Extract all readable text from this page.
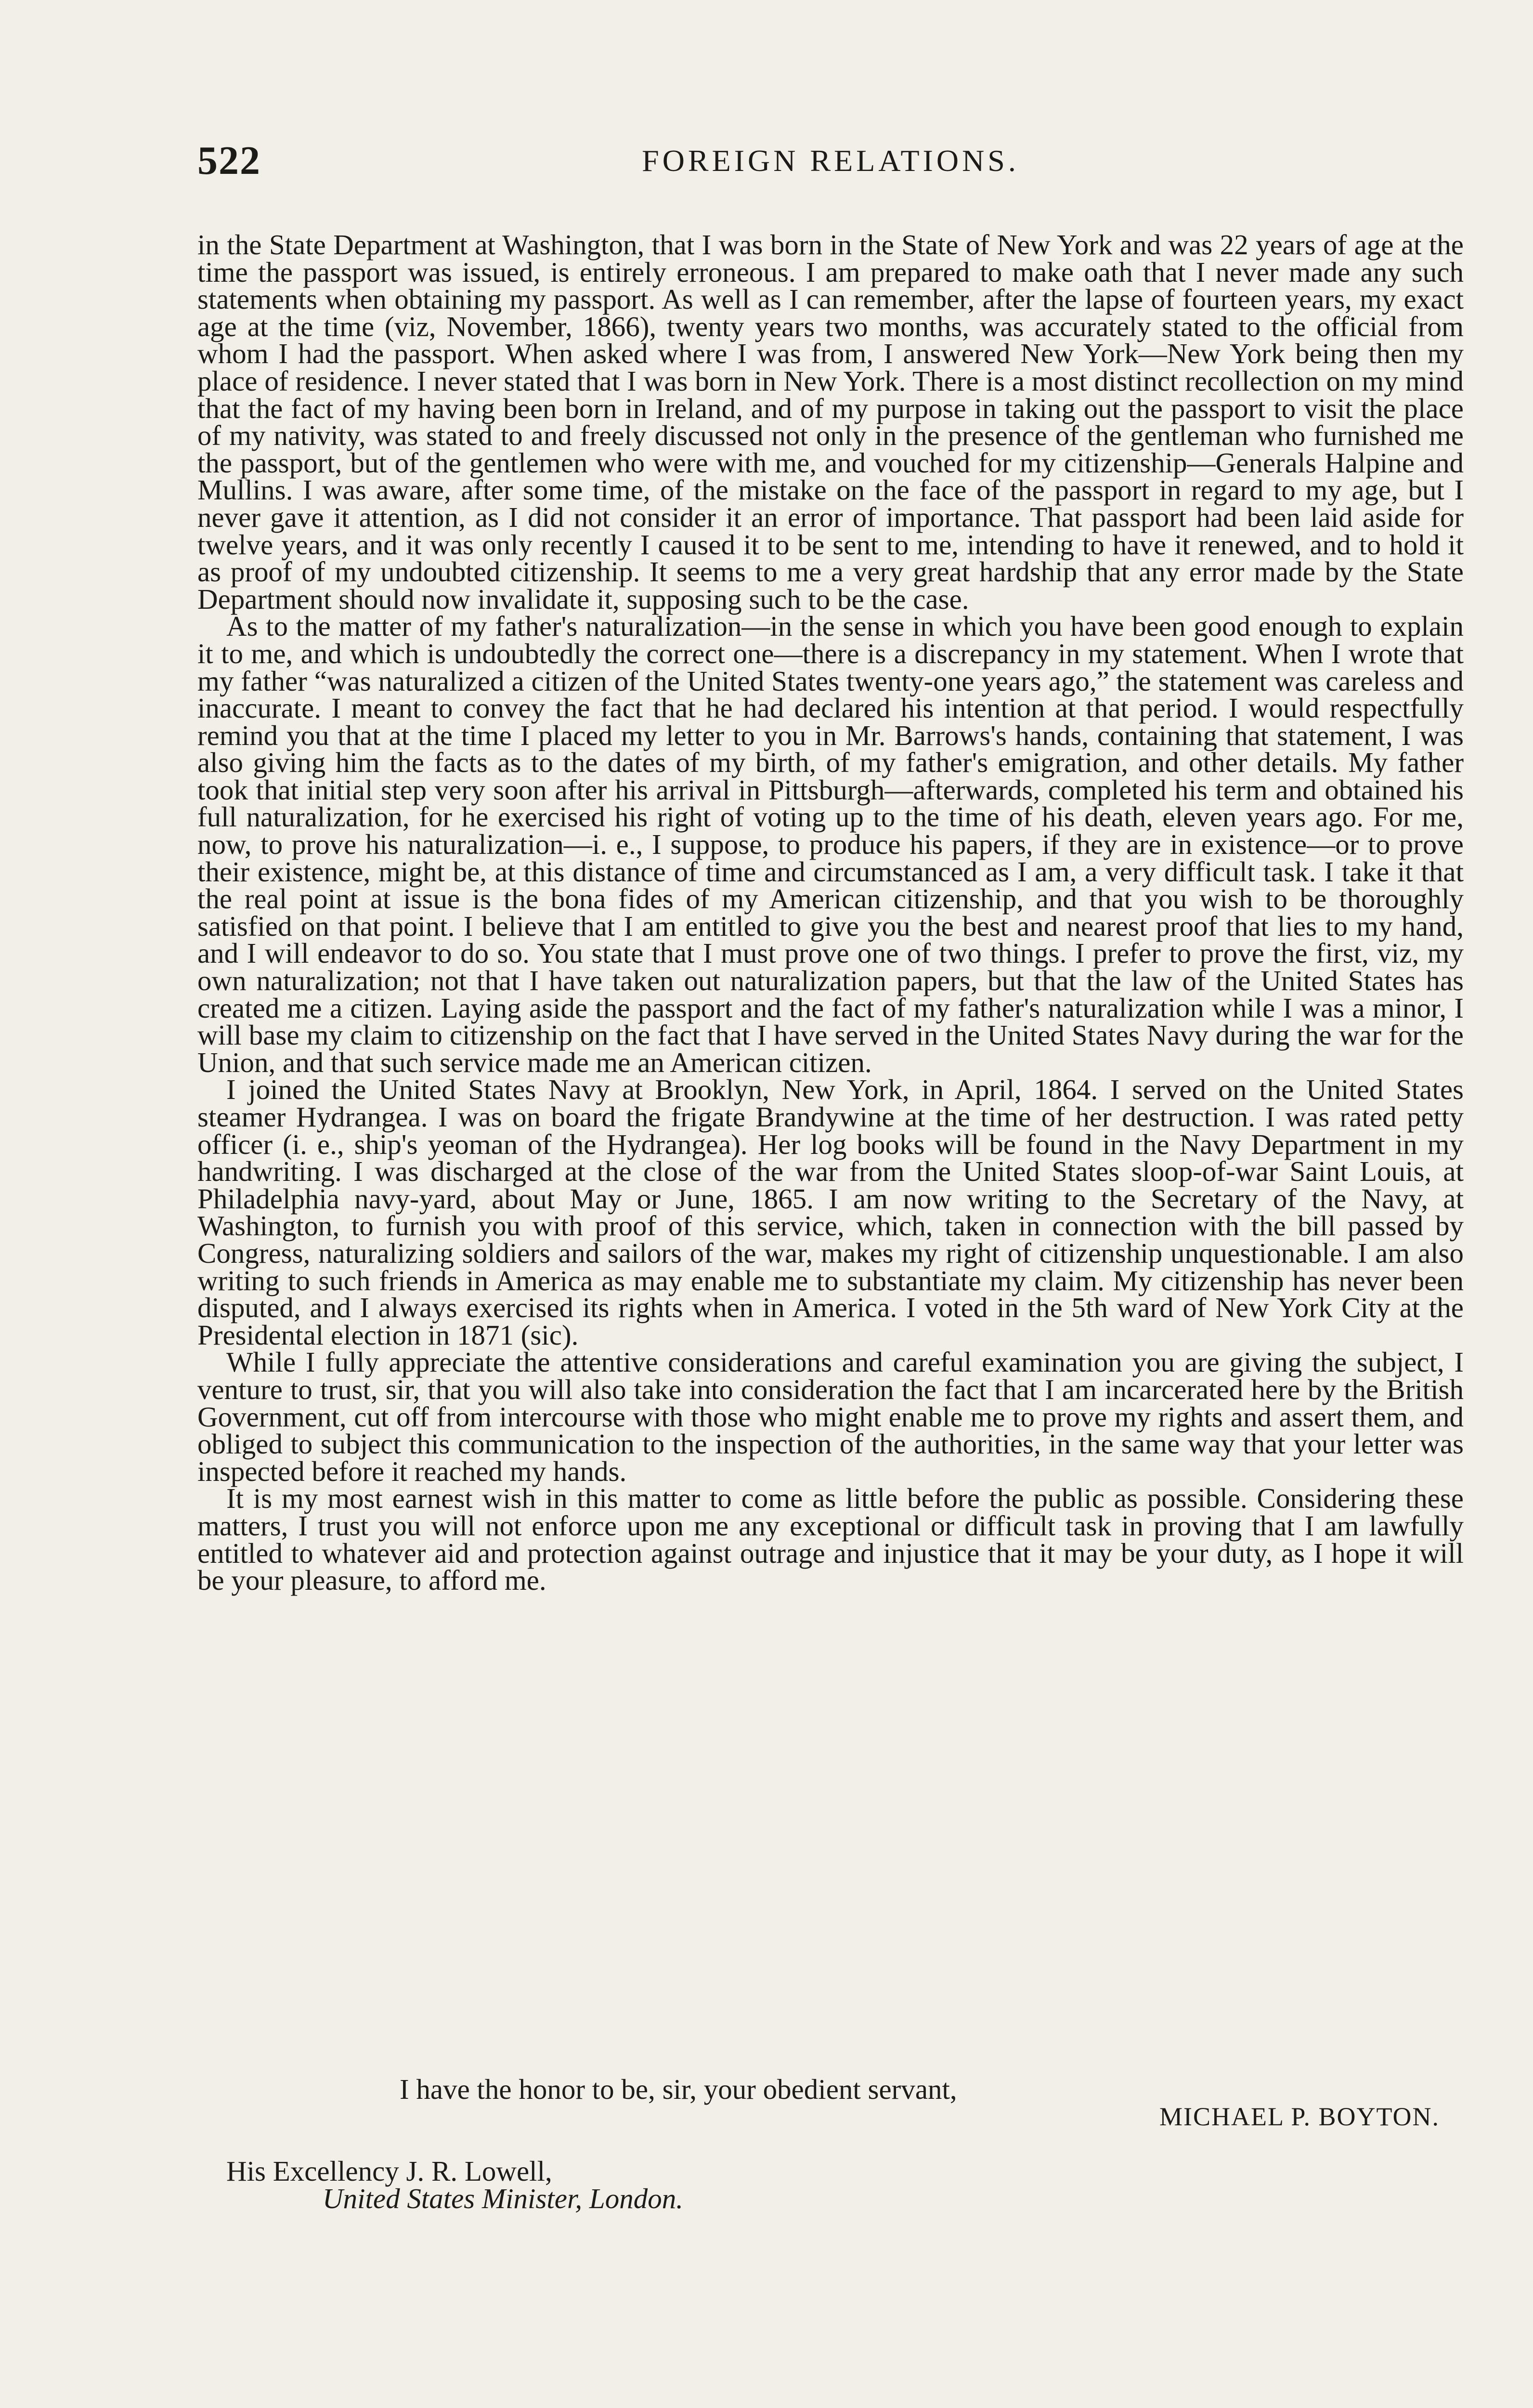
522	FOREIGN RELATIONS.

in the State Department at Washington, that I was born in the State of New York and was 22 years of age at the time the passport was issued, is entirely erroneous. I am prepared to make oath that I never made any such statements when obtaining my passport. As well as I can remember, after the lapse of fourteen years, my exact age at the time (viz, November, 1866), twenty years two months, was accurately stated to the official from whom I had the passport. When asked where I was from, I answered New York—New York being then my place of residence. I never stated that I was born in New York. There is a most distinct recollection on my mind that the fact of my having been born in Ireland, and of my purpose in taking out the passport to visit the place of my nativity, was stated to and freely discussed not only in the presence of the gentleman who furnished me the passport, but of the gentlemen who were with me, and vouched for my citizenship—Generals Halpine and Mullins. I was aware, after some time, of the mistake on the face of the passport in regard to my age, but I never gave it attention, as I did not consider it an error of importance. That passport had been laid aside for twelve years, and it was only recently I caused it to be sent to me, intending to have it renewed, and to hold it as proof of my undoubted citizenship. It seems to me a very great hardship that any error made by the State Department should now invalidate it, supposing such to be the case.

As to the matter of my father's naturalization—in the sense in which you have been good enough to explain it to me, and which is undoubtedly the correct one—there is a discrepancy in my statement. When I wrote that my father “was naturalized a citizen of the United States twenty-one years ago,” the statement was careless and inaccurate. I meant to convey the fact that he had declared his intention at that period. I would respectfully remind you that at the time I placed my letter to you in Mr. Barrows's hands, containing that statement, I was also giving him the facts as to the dates of my birth, of my father's emigration, and other details. My father took that initial step very soon after his arrival in Pittsburgh—afterwards, completed his term and obtained his full naturalization, for he exercised his right of voting up to the time of his death, eleven years ago. For me, now, to prove his naturalization—i. e., I suppose, to produce his papers, if they are in existence—or to prove their existence, might be, at this distance of time and circumstanced as I am, a very difficult task. I take it that the real point at issue is the bona fides of my American citizenship, and that you wish to be thoroughly satisfied on that point. I believe that I am entitled to give you the best and nearest proof that lies to my hand, and I will endeavor to do so. You state that I must prove one of two things. I prefer to prove the first, viz, my own naturalization; not that I have taken out naturalization papers, but that the law of the United States has created me a citizen. Laying aside the passport and the fact of my father's naturalization while I was a minor, I will base my claim to citizenship on the fact that I have served in the United States Navy during the war for the Union, and that such service made me an American citizen.

I joined the United States Navy at Brooklyn, New York, in April, 1864. I served on the United States steamer Hydrangea. I was on board the frigate Brandywine at the time of her destruction. I was rated petty officer (i. e., ship's yeoman of the Hydrangea). Her log books will be found in the Navy Department in my handwriting. I was discharged at the close of the war from the United States sloop-of-war Saint Louis, at Philadelphia navy-yard, about May or June, 1865. I am now writing to the Secretary of the Navy, at Washington, to furnish you with proof of this service, which, taken in connection with the bill passed by Congress, naturalizing soldiers and sailors of the war, makes my right of citizenship unquestionable. I am also writing to such friends in America as may enable me to substantiate my claim. My citizenship has never been disputed, and I always exercised its rights when in America. I voted in the 5th ward of New York City at the Presidental election in 1871 (sic).

While I fully appreciate the attentive considerations and careful examination you are giving the subject, I venture to trust, sir, that you will also take into consideration the fact that I am incarcerated here by the British Government, cut off from intercourse with those who might enable me to prove my rights and assert them, and obliged to subject this communication to the inspection of the authorities, in the same way that your letter was inspected before it reached my hands.

It is my most earnest wish in this matter to come as little before the public as possible. Considering these matters, I trust you will not enforce upon me any exceptional or difficult task in proving that I am lawfully entitled to whatever aid and protection against outrage and injustice that it may be your duty, as I hope it will be your pleasure, to afford me.

I have the honor to be, sir, your obedient servant,
MICHAEL P. BOYTON.
His Excellency J. R. Lowell,
United States Minister, London.
